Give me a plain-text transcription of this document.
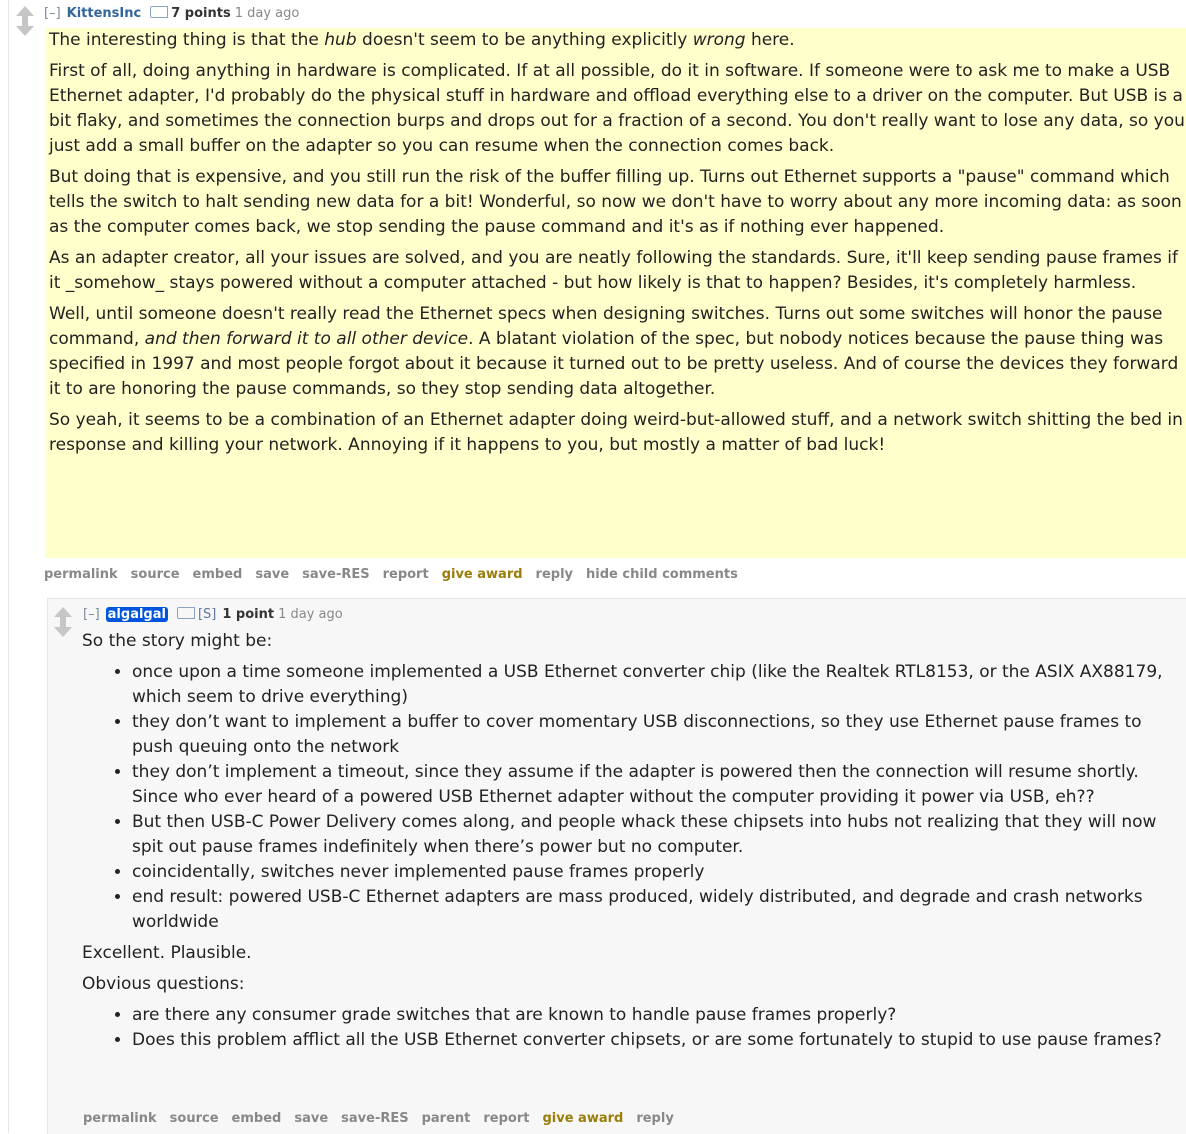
[–] KittensInc 7 points 1 day ago

The interesting thing is that the hub doesn't seem to be anything explicitly wrong here.

First of all, doing anything in hardware is complicated. If at all possible, do it in software. If someone were to ask me to make a USB Ethernet adapter, I'd probably do the physical stuff in hardware and offload everything else to a driver on the computer. But USB is a bit flaky, and sometimes the connection burps and drops out for a fraction of a second. You don't really want to lose any data, so you just add a small buffer on the adapter so you can resume when the connection comes back.

But doing that is expensive, and you still run the risk of the buffer filling up. Turns out Ethernet supports a "pause" command which tells the switch to halt sending new data for a bit! Wonderful, so now we don't have to worry about any more incoming data: as soon as the computer comes back, we stop sending the pause command and it's as if nothing ever happened.

As an adapter creator, all your issues are solved, and you are neatly following the standards. Sure, it'll keep sending pause frames if it _somehow_ stays powered without a computer attached - but how likely is that to happen? Besides, it's completely harmless.

Well, until someone doesn't really read the Ethernet specs when designing switches. Turns out some switches will honor the pause command, and then forward it to all other device. A blatant violation of the spec, but nobody notices because the pause thing was specified in 1997 and most people forgot about it because it turned out to be pretty useless. And of course the devices they forward it to are honoring the pause commands, so they stop sending data altogether.

So yeah, it seems to be a combination of an Ethernet adapter doing weird-but-allowed stuff, and a network switch shitting the bed in response and killing your network. Annoying if it happens to you, but mostly a matter of bad luck!

permalink source embed save save-RES report give award reply hide child comments
[–] algalgal [S] 1 point 1 day ago

So the story might be:

• once upon a time someone implemented a USB Ethernet converter chip (like the Realtek RTL8153, or the ASIX AX88179, which seem to drive everything)
• they don’t want to implement a buffer to cover momentary USB disconnections, so they use Ethernet pause frames to push queuing onto the network
• they don’t implement a timeout, since they assume if the adapter is powered then the connection will resume shortly. Since who ever heard of a powered USB Ethernet adapter without the computer providing it power via USB, eh??
• But then USB-C Power Delivery comes along, and people whack these chipsets into hubs not realizing that they will now spit out pause frames indefinitely when there’s power but no computer.
• coincidentally, switches never implemented pause frames properly
• end result: powered USB-C Ethernet adapters are mass produced, widely distributed, and degrade and crash networks worldwide

Excellent. Plausible.

Obvious questions:

• are there any consumer grade switches that are known to handle pause frames properly?
• Does this problem afflict all the USB Ethernet converter chipsets, or are some fortunately to stupid to use pause frames?
permalink source embed save save-RES parent report give award reply
